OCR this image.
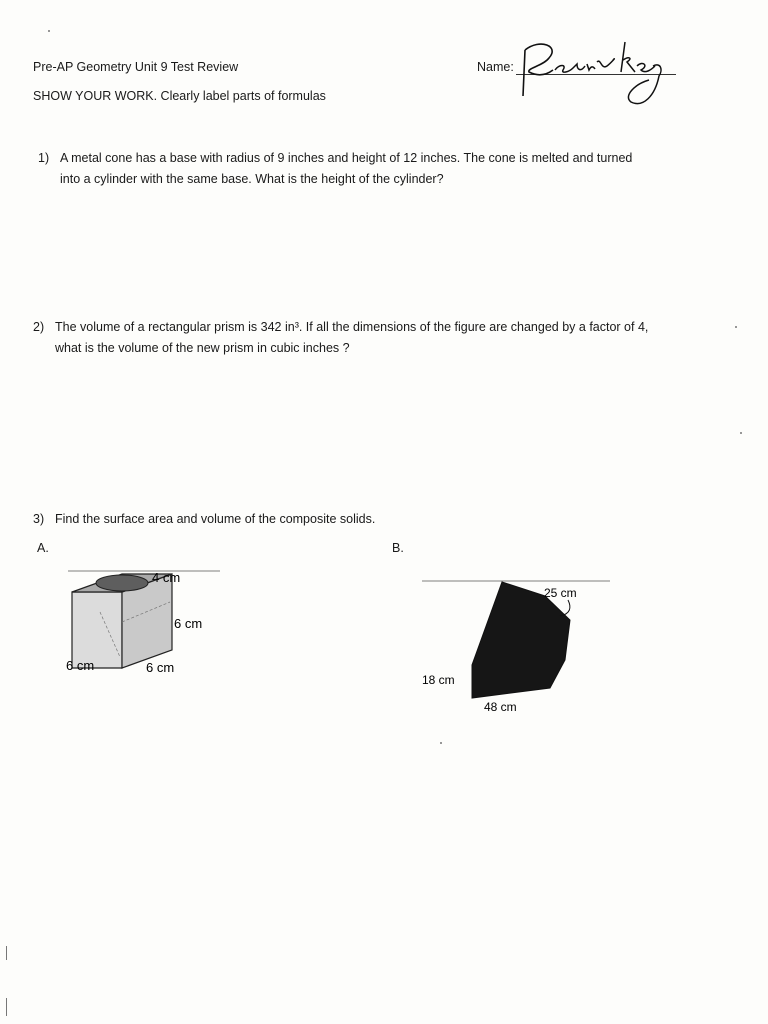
Pre-AP Geometry Unit 9 Test Review
SHOW YOUR WORK. Clearly label parts of formulas
Name:
1) A metal cone has a base with radius of 9 inches and height of 12 inches. The cone is melted and turned
into a cylinder with the same base. What is the height of the cylinder?
2) The volume of a rectangular prism is 342 in³. If all the dimensions of the figure are changed by a factor of 4,
what is the volume of the new prism in cubic inches ?
3) Find the surface area and volume of the composite solids.
A.	B.
4 cm
6 cm
6 cm	6 cm
25 cm
18 cm
48 cm
